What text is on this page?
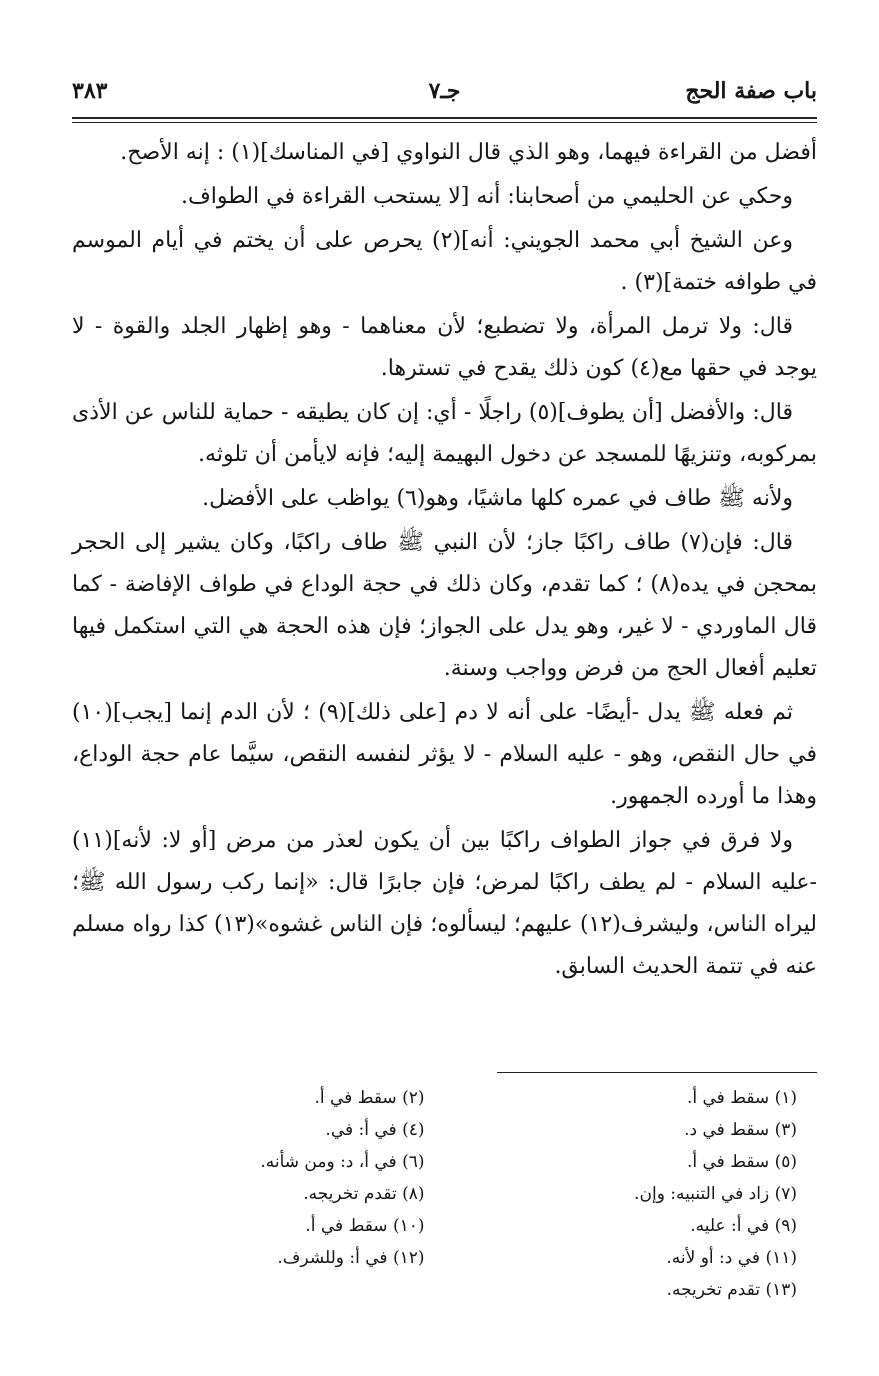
باب صفة الحج
جـ٧
٣٨٣

أفضل من القراءة فيهما، وهو الذي قال النواوي [في المناسك](١) : إنه الأصح.

وحكي عن الحليمي من أصحابنا: أنه [لا يستحب القراءة في الطواف.

وعن الشيخ أبي محمد الجويني: أنه](٢) يحرص على أن يختم في أيام الموسم في طوافه ختمة](٣) .

قال: ولا ترمل المرأة، ولا تضطبع؛ لأن معناهما - وهو إظهار الجلد والقوة - لا يوجد في حقها مع(٤) كون ذلك يقدح في تسترها.

قال: والأفضل [أن يطوف](٥) راجلًا - أي: إن كان يطيقه - حماية للناس عن الأذى بمركوبه، وتنزيهًا للمسجد عن دخول البهيمة إليه؛ فإنه لايأمن أن تلوثه.

ولأنه ﷺ طاف في عمره كلها ماشيًا، وهو(٦) يواظب على الأفضل.

قال: فإن(٧) طاف راكبًا جاز؛ لأن النبي ﷺ طاف راكبًا، وكان يشير إلى الحجر بمحجن في يده(٨) ؛ كما تقدم، وكان ذلك في حجة الوداع في طواف الإفاضة - كما قال الماوردي - لا غير، وهو يدل على الجواز؛ فإن هذه الحجة هي التي استكمل فيها تعليم أفعال الحج من فرض وواجب وسنة.

ثم فعله ﷺ يدل -أيضًا- على أنه لا دم [على ذلك](٩) ؛ لأن الدم إنما [يجب](١٠) في حال النقص، وهو - عليه السلام - لا يؤثر لنفسه النقص، سيَّما عام حجة الوداع، وهذا ما أورده الجمهور.

ولا فرق في جواز الطواف راكبًا بين أن يكون لعذر من مرض [أو لا: لأنه](١١) -عليه السلام - لم يطف راكبًا لمرض؛ فإن جابرًا قال: «إنما ركب رسول الله ﷺ؛ ليراه الناس، وليشرف(١٢) عليهم؛ ليسألوه؛ فإن الناس غشوه»(١٣) كذا رواه مسلم عنه في تتمة الحديث السابق.

(١) سقط في أ.
(٣) سقط في د.
(٥) سقط في أ.
(٧) زاد في التنبيه: وإن.
(٩) في أ: عليه.
(١١) في د: أو لأنه.
(١٣) تقدم تخريجه.
(٢) سقط في أ.
(٤) في أ: في.
(٦) في أ، د: ومن شأنه.
(٨) تقدم تخريجه.
(١٠) سقط في أ.
(١٢) في أ: وللشرف.
